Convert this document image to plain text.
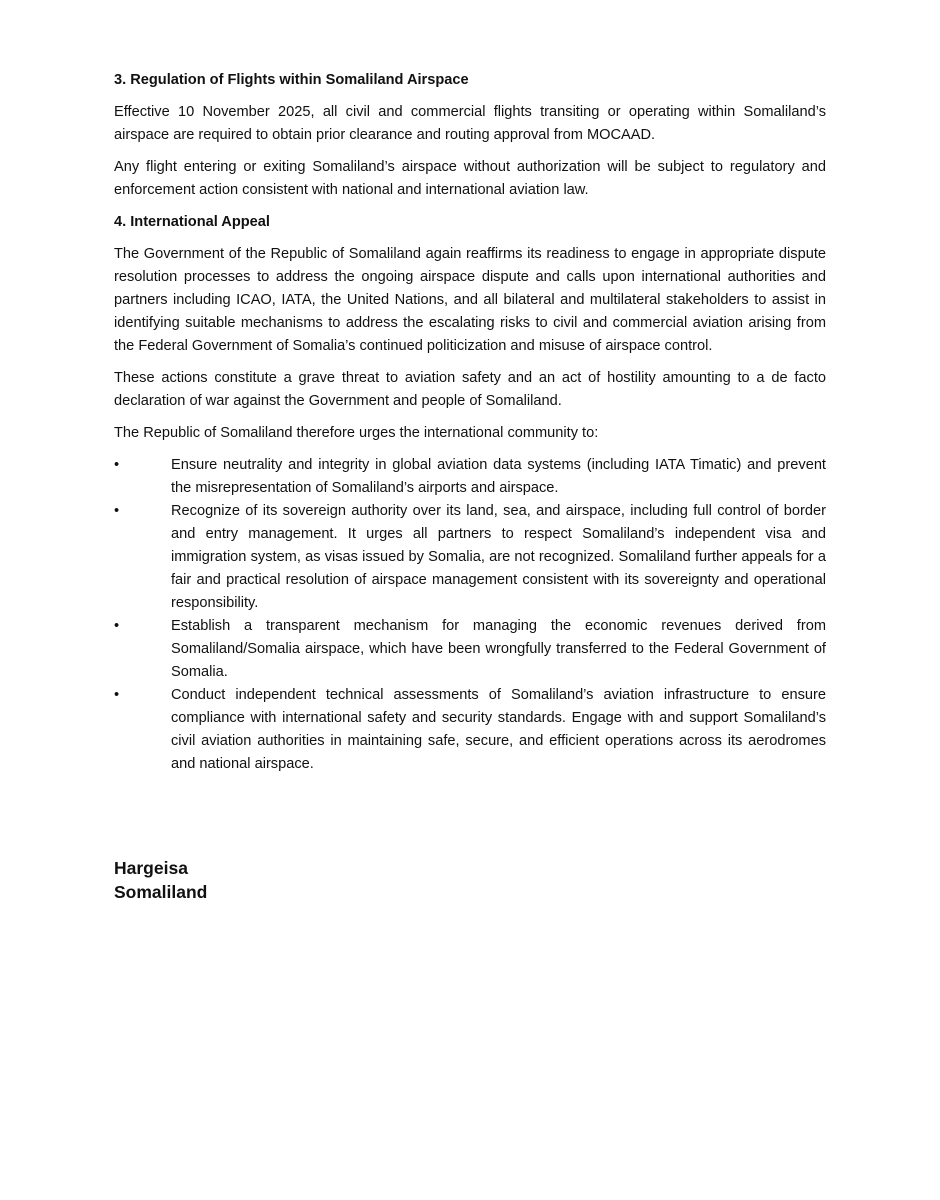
3. Regulation of Flights within Somaliland Airspace

Effective 10 November 2025, all civil and commercial flights transiting or operating within Somaliland’s airspace are required to obtain prior clearance and routing approval from MOCAAD.

Any flight entering or exiting Somaliland’s airspace without authorization will be subject to regulatory and enforcement action consistent with national and international aviation law.

4. International Appeal

The Government of the Republic of Somaliland again reaffirms its readiness to engage in appropriate dispute resolution processes to address the ongoing airspace dispute and calls upon international authorities and partners including ICAO, IATA, the United Nations, and all bilateral and multilateral stakeholders to assist in identifying suitable mechanisms to address the escalating risks to civil and commercial aviation arising from the Federal Government of Somalia’s continued politicization and misuse of airspace control.

These actions constitute a grave threat to aviation safety and an act of hostility amounting to a de facto declaration of war against the Government and people of Somaliland.

The Republic of Somaliland therefore urges the international community to:

•	Ensure neutrality and integrity in global aviation data systems (including IATA Timatic) and prevent the misrepresentation of Somaliland’s airports and airspace.
•	Recognize of its sovereign authority over its land, sea, and airspace, including full control of border and entry management. It urges all partners to respect Somaliland’s independent visa and immigration system, as visas issued by Somalia, are not recognized. Somaliland further appeals for a fair and practical resolution of airspace management consistent with its sovereignty and operational responsibility.
•	Establish a transparent mechanism for managing the economic revenues derived from Somaliland/Somalia airspace, which have been wrongfully transferred to the Federal Government of Somalia.
•	Conduct independent technical assessments of Somaliland’s aviation infrastructure to ensure compliance with international safety and security standards. Engage with and support Somaliland’s civil aviation authorities in maintaining safe, secure, and efficient operations across its aerodromes and national airspace.
Hargeisa
Somaliland
